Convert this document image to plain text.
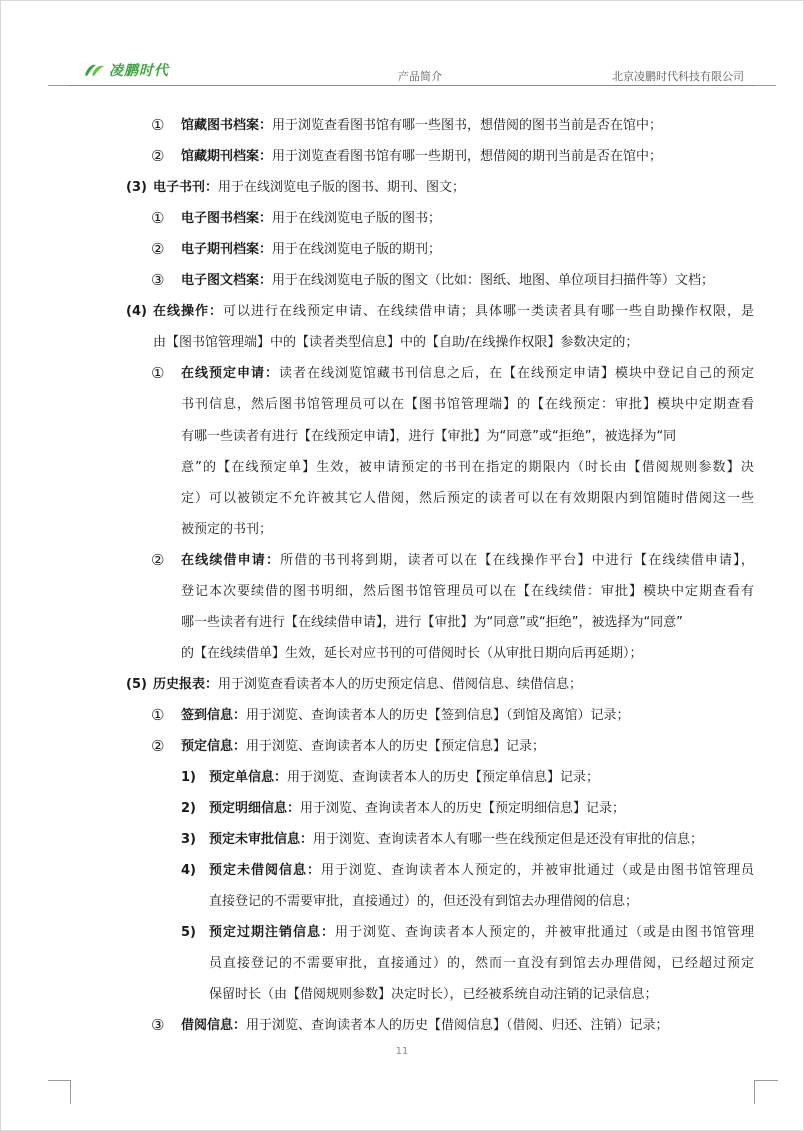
凌鹏时代	产品简介	北京凌鹏时代科技有限公司
① 馆藏图书档案：用于浏览查看图书馆有哪一些图书，想借阅的图书当前是否在馆中；
② 馆藏期刊档案：用于浏览查看图书馆有哪一些期刊，想借阅的期刊当前是否在馆中；
(3) 电子书刊：用于在线浏览电子版的图书、期刊、图文；
① 电子图书档案：用于在线浏览电子版的图书；
② 电子期刊档案：用于在线浏览电子版的期刊；
③ 电子图文档案：用于在线浏览电子版的图文（比如：图纸、地图、单位项目扫描件等）文档；
(4) 在线操作：可以进行在线预定申请、在线续借申请；具体哪一类读者具有哪一些自助操作权限，是
由【图书馆管理端】中的【读者类型信息】中的【自助/在线操作权限】参数决定的；
① 在线预定申请：读者在线浏览馆藏书刊信息之后，在【在线预定申请】模块中登记自己的预定
书刊信息，然后图书馆管理员可以在【图书馆管理端】的【在线预定：审批】模块中定期查看
有哪一些读者有进行【在线预定申请】，进行【审批】为“同意”或“拒绝”，被选择为“同
意”的【在线预定单】生效，被申请预定的书刊在指定的期限内（时长由【借阅规则参数】决
定）可以被锁定不允许被其它人借阅，然后预定的读者可以在有效期限内到馆随时借阅这一些
被预定的书刊；
② 在线续借申请：所借的书刊将到期，读者可以在【在线操作平台】中进行【在线续借申请】，
登记本次要续借的图书明细，然后图书馆管理员可以在【在线续借：审批】模块中定期查看有
哪一些读者有进行【在线续借申请】，进行【审批】为“同意”或“拒绝”，被选择为“同意”
的【在线续借单】生效，延长对应书刊的可借阅时长（从审批日期向后再延期）；
(5) 历史报表：用于浏览查看读者本人的历史预定信息、借阅信息、续借信息；
① 签到信息：用于浏览、查询读者本人的历史【签到信息】（到馆及离馆）记录；
② 预定信息：用于浏览、查询读者本人的历史【预定信息】记录；
1) 预定单信息：用于浏览、查询读者本人的历史【预定单信息】记录；
2) 预定明细信息：用于浏览、查询读者本人的历史【预定明细信息】记录；
3) 预定未审批信息：用于浏览、查询读者本人有哪一些在线预定但是还没有审批的信息；
4) 预定未借阅信息：用于浏览、查询读者本人预定的，并被审批通过（或是由图书馆管理员
直接登记的不需要审批，直接通过）的，但还没有到馆去办理借阅的信息；
5) 预定过期注销信息：用于浏览、查询读者本人预定的，并被审批通过（或是由图书馆管理
员直接登记的不需要审批，直接通过）的，然而一直没有到馆去办理借阅，已经超过预定
保留时长（由【借阅规则参数】决定时长），已经被系统自动注销的记录信息；
③ 借阅信息：用于浏览、查询读者本人的历史【借阅信息】（借阅、归还、注销）记录；
11
